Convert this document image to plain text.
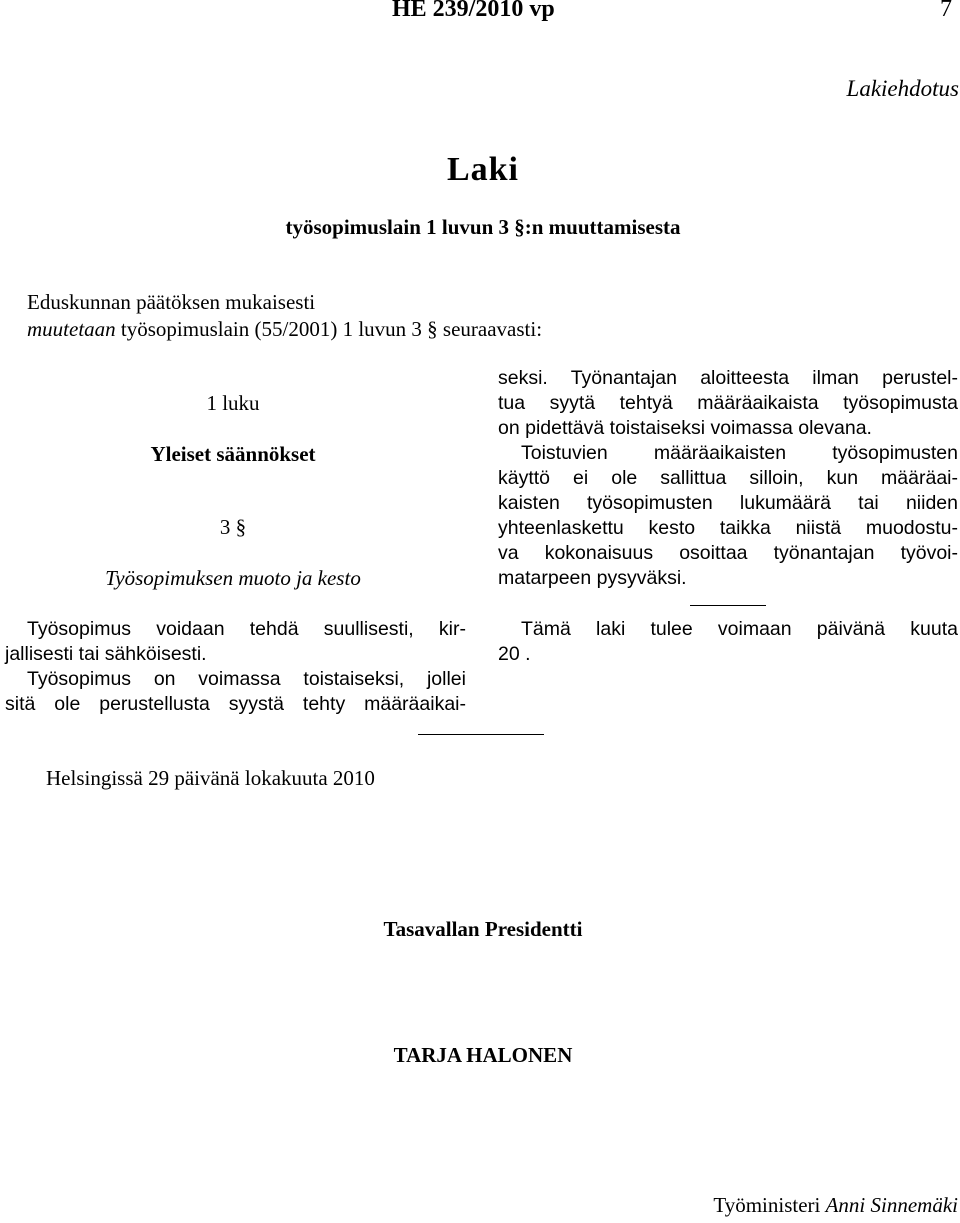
HE 239/2010 vp	7
Lakiehdotus
Laki
työsopimuslain 1 luvun 3 §:n muuttamisesta
Eduskunnan päätöksen mukaisesti
muutetaan työsopimuslain (55/2001) 1 luvun 3 § seuraavasti:
1 luku
Yleiset säännökset
3 §
Työsopimuksen muoto ja kesto
Työsopimus voidaan tehdä suullisesti, kir-
jallisesti tai sähköisesti.
Työsopimus on voimassa toistaiseksi, jollei
sitä ole perustellusta syystä tehty määräaikai-
seksi. Työnantajan aloitteesta ilman perustel-
tua syytä tehtyä määräaikaista työsopimusta
on pidettävä toistaiseksi voimassa olevana.
Toistuvien määräaikaisten työsopimusten
käyttö ei ole sallittua silloin, kun määräai-
kaisten työsopimusten lukumäärä tai niiden
yhteenlaskettu kesto taikka niistä muodostu-
va kokonaisuus osoittaa työnantajan työvoi-
matarpeen pysyväksi.
Tämä laki tulee voimaan päivänä kuuta
20 .
Helsingissä 29 päivänä lokakuuta 2010
Tasavallan Presidentti
TARJA HALONEN
Työministeri Anni Sinnemäki
